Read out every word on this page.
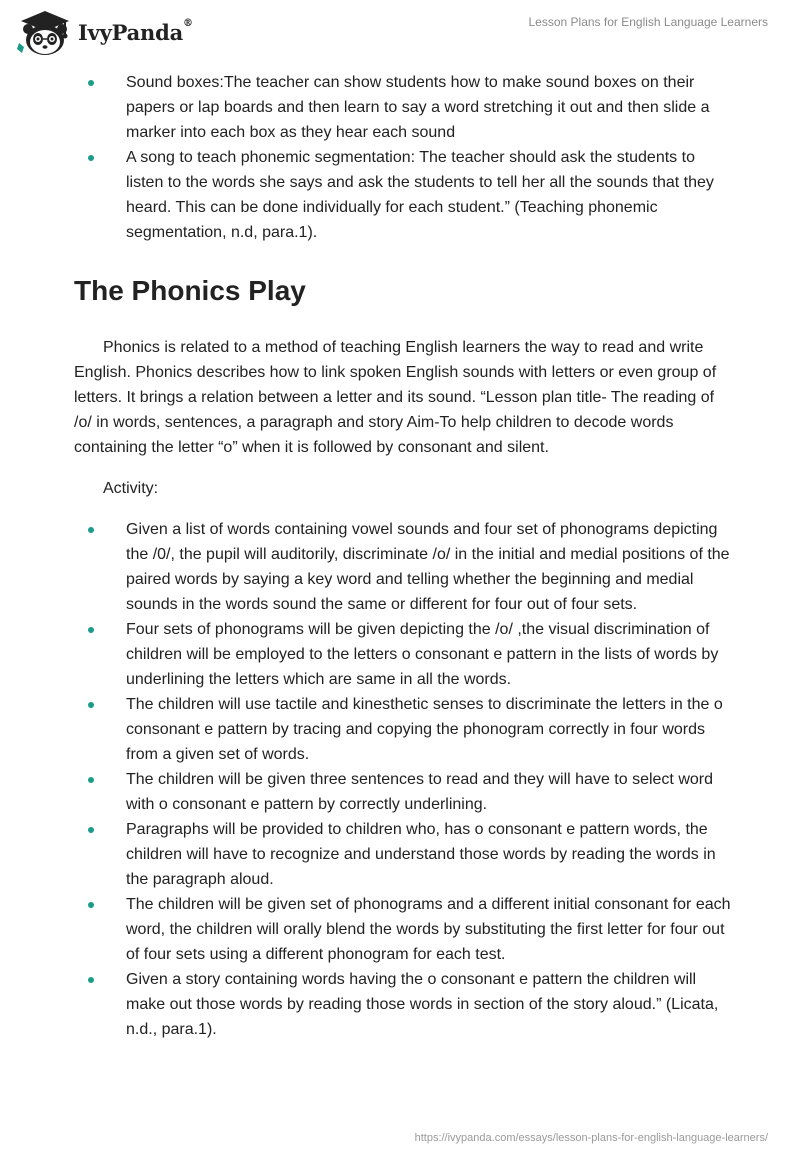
IvyPanda®	Lesson Plans for English Language Learners
Sound boxes:The teacher can show students how to make sound boxes on their papers or lap boards and then learn to say a word stretching it out and then slide a marker into each box as they hear each sound
A song to teach phonemic segmentation: The teacher should ask the students to listen to the words she says and ask the students to tell her all the sounds that they heard. This can be done individually for each student.” (Teaching phonemic segmentation, n.d, para.1).
The Phonics Play

Phonics is related to a method of teaching English learners the way to read and write English. Phonics describes how to link spoken English sounds with letters or even group of letters. It brings a relation between a letter and its sound. “Lesson plan title- The reading of /o/ in words, sentences, a paragraph and story Aim-To help children to decode words containing the letter “o” when it is followed by consonant and silent.

Activity:

Given a list of words containing vowel sounds and four set of phonograms depicting the /0/, the pupil will auditorily, discriminate /o/ in the initial and medial positions of the paired words by saying a key word and telling whether the beginning and medial sounds in the words sound the same or different for four out of four sets.
Four sets of phonograms will be given depicting the /o/ ,the visual discrimination of children will be employed to the letters o consonant e pattern in the lists of words by underlining the letters which are same in all the words.
The children will use tactile and kinesthetic senses to discriminate the letters in the o consonant e pattern by tracing and copying the phonogram correctly in four words from a given set of words.
The children will be given three sentences to read and they will have to select word with o consonant e pattern by correctly underlining.
Paragraphs will be provided to children who, has o consonant e pattern words, the children will have to recognize and understand those words by reading the words in the paragraph aloud.
The children will be given set of phonograms and a different initial consonant for each word, the children will orally blend the words by substituting the first letter for four out of four sets using a different phonogram for each test.
Given a story containing words having the o consonant e pattern the children will make out those words by reading those words in section of the story aloud.” (Licata, n.d., para.1).
https://ivypanda.com/essays/lesson-plans-for-english-language-learners/
